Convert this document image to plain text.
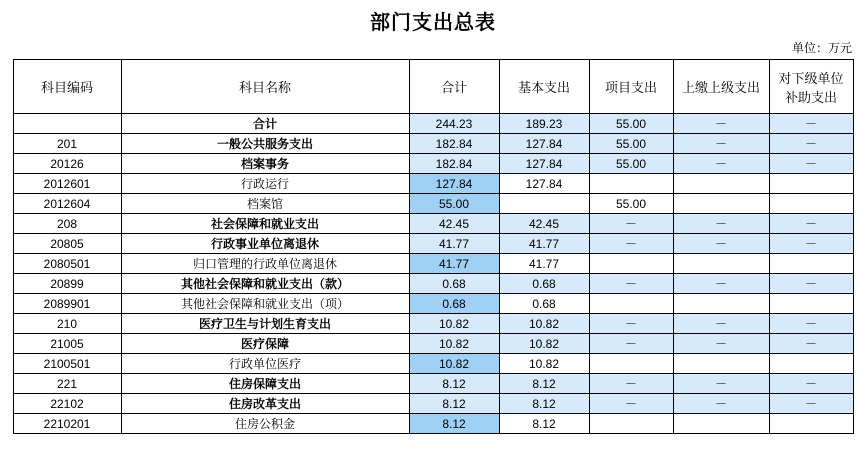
部门支出总表
单位：万元
科目编码	科目名称	合计	基本支出	项目支出	上缴上级支出	对下级单位补助支出
	合计	244.23	189.23	55.00	－	－
201	一般公共服务支出	182.84	127.84	55.00	－	－
20126	档案事务	182.84	127.84	55.00	－	－
2012601	行政运行	127.84	127.84			
2012604	档案馆	55.00		55.00		
208	社会保障和就业支出	42.45	42.45	－	－	－
20805	行政事业单位离退休	41.77	41.77	－	－	－
2080501	归口管理的行政单位离退休	41.77	41.77			
20899	其他社会保障和就业支出（款）	0.68	0.68	－	－	－
2089901	其他社会保障和就业支出（项）	0.68	0.68			
210	医疗卫生与计划生育支出	10.82	10.82	－	－	－
21005	医疗保障	10.82	10.82	－	－	－
2100501	行政单位医疗	10.82	10.82			
221	住房保障支出	8.12	8.12	－	－	－
22102	住房改革支出	8.12	8.12	－	－	－
2210201	住房公积金	8.12	8.12			
